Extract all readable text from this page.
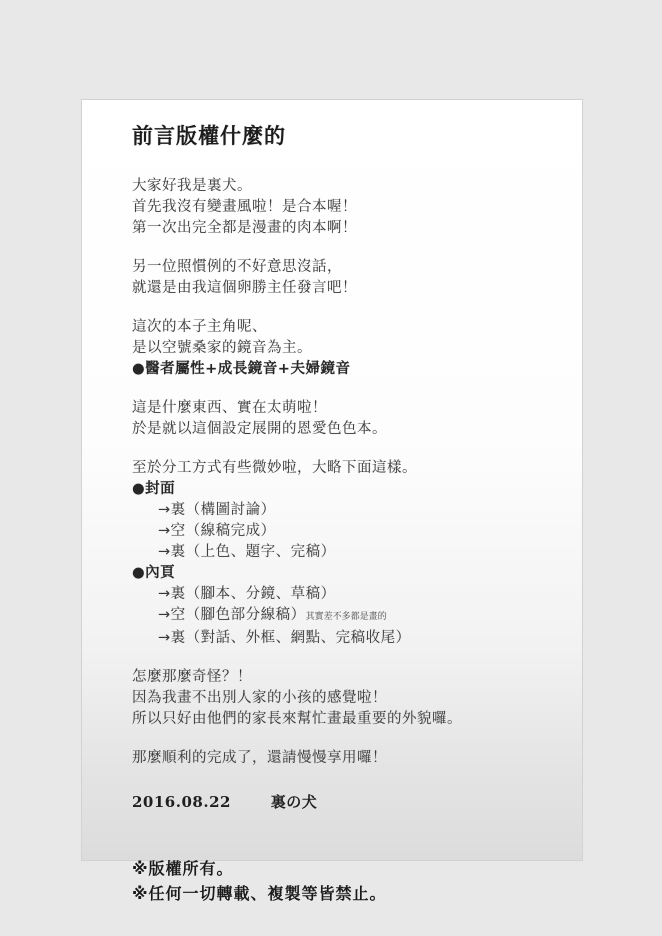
前言版權什麼的
大家好我是裏犬。
首先我沒有變畫風啦！是合本喔！
第一次出完全都是漫畫的肉本啊！
另一位照慣例的不好意思沒話，
就還是由我這個卵勝主任發言吧！
這次的本子主角呢、
是以空號桑家的鏡音為主。
●醫者屬性+成長鏡音+夫婦鏡音
這是什麼東西、實在太萌啦！
於是就以這個設定展開的恩愛色色本。
至於分工方式有些微妙啦，大略下面這樣。
●封面
→裏（構圖討論）
→空（線稿完成）
→裏（上色、題字、完稿）
●內頁
→裏（腳本、分鏡、草稿）
→空（腳色部分線稿）其實差不多都是畫的
→裏（對話、外框、網點、完稿收尾）
怎麼那麼奇怪？！
因為我畫不出別人家的小孩的感覺啦！
所以只好由他們的家長來幫忙畫最重要的外貌囉。
那麼順利的完成了，還請慢慢享用囉！
2016.08.22	裏の犬
※版權所有。
※任何一切轉載、複製等皆禁止。
